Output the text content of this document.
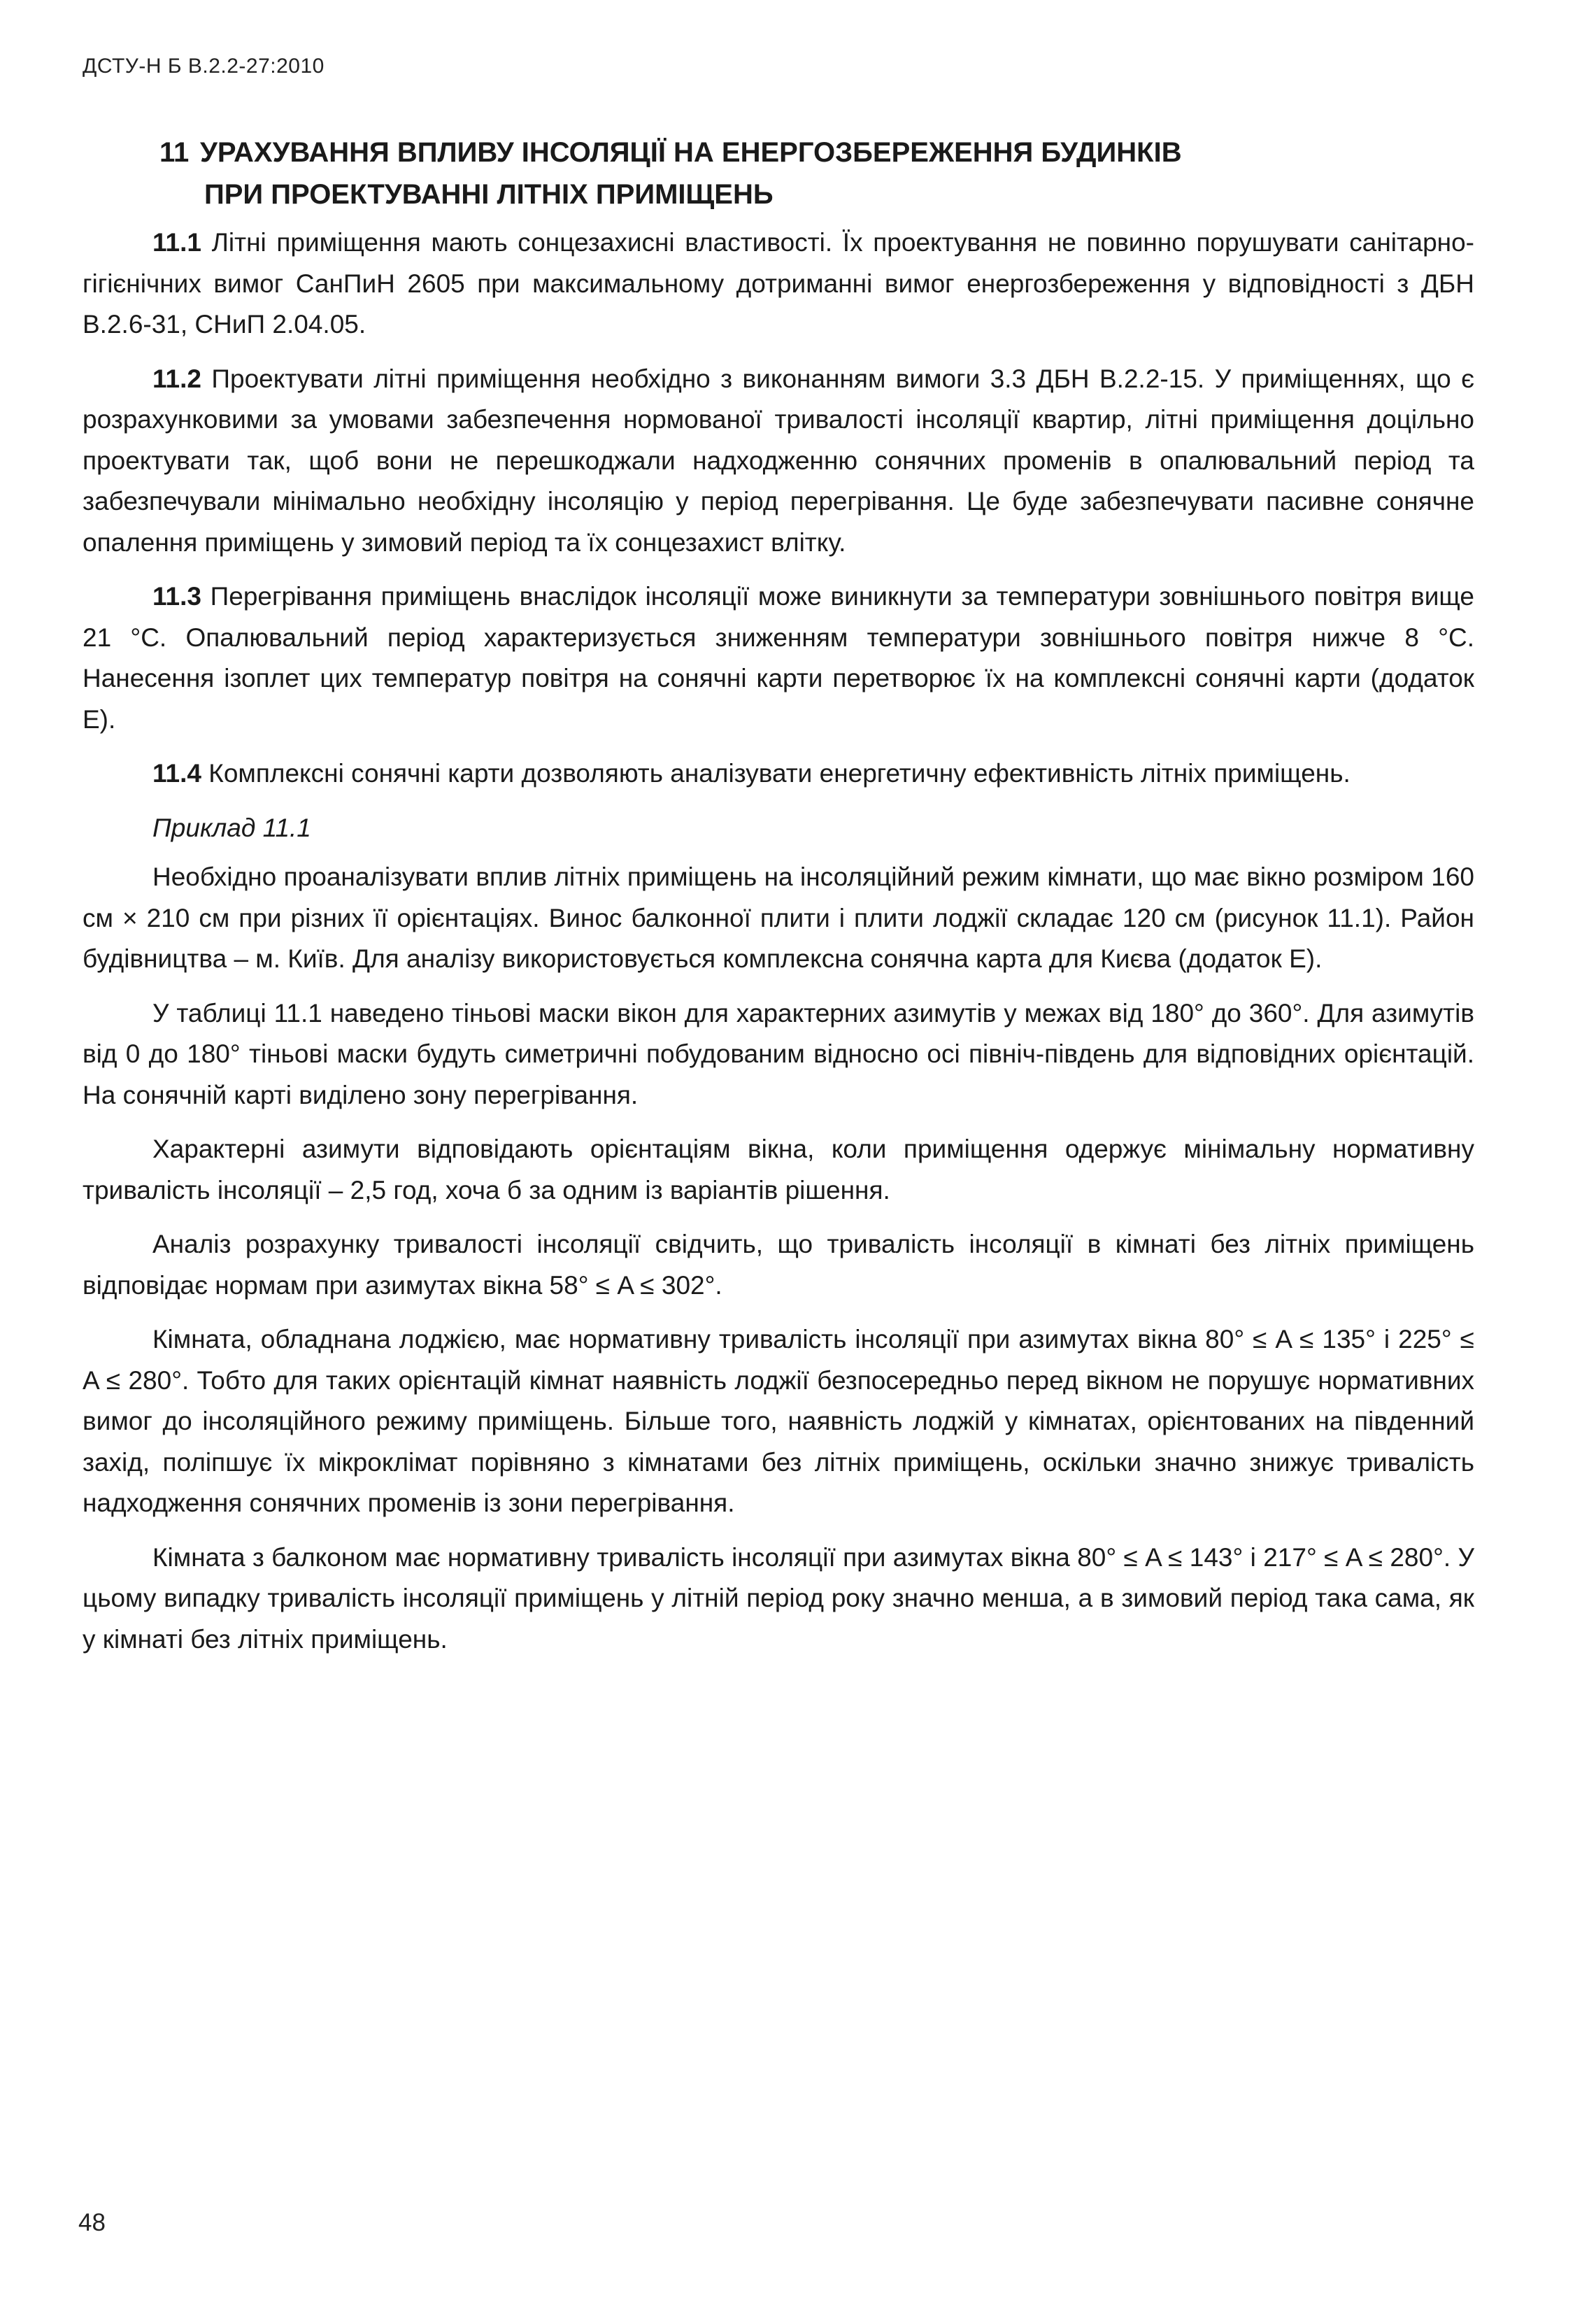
ДСТУ-Н Б В.2.2-27:2010
11 УРАХУВАННЯ ВПЛИВУ ІНСОЛЯЦІЇ НА ЕНЕРГОЗБЕРЕЖЕННЯ БУДИНКІВ
ПРИ ПРОЕКТУВАННІ ЛІТНІХ ПРИМІЩЕНЬ

11.1 Літні приміщення мають сонцезахисні властивості. Їх проектування не повинно порушувати санітарно-гігієнічних вимог СанПиН 2605 при максимальному дотриманні вимог енергозбереження у відповідності з ДБН В.2.6-31, СНиП 2.04.05.

11.2 Проектувати літні приміщення необхідно з виконанням вимоги 3.3 ДБН В.2.2-15. У приміщеннях, що є розрахунковими за умовами забезпечення нормованої тривалості інсоляції квартир, літні приміщення доцільно проектувати так, щоб вони не перешкоджали надходженню сонячних променів в опалювальний період та забезпечували мінімально необхідну інсоляцію у період перегрівання. Це буде забезпечувати пасивне сонячне опалення приміщень у зимовий період та їх сонцезахист влітку.

11.3 Перегрівання приміщень внаслідок інсоляції може виникнути за температури зовнішнього повітря вище 21 °С. Опалювальний період характеризується зниженням температури зовнішнього повітря нижче 8 °С. Нанесення ізоплет цих температур повітря на сонячні карти перетворює їх на комплексні сонячні карти (додаток Е).

11.4 Комплексні сонячні карти дозволяють аналізувати енергетичну ефективність літніх приміщень.

Приклад 11.1

Необхідно проаналізувати вплив літніх приміщень на інсоляційний режим кімнати, що має вікно розміром 160 см × 210 см при різних її орієнтаціях. Винос балконної плити і плити лоджії складає 120 см (рисунок 11.1). Район будівництва – м. Київ. Для аналізу використовується комплексна сонячна карта для Києва (додаток Е).

У таблиці 11.1 наведено тіньові маски вікон для характерних азимутів у межах від 180° до 360°. Для азимутів від 0 до 180° тіньові маски будуть симетричні побудованим відносно осі північ-південь для відповідних орієнтацій. На сонячній карті виділено зону перегрівання.

Характерні азимути відповідають орієнтаціям вікна, коли приміщення одержує мінімальну нормативну тривалість інсоляції – 2,5 год, хоча б за одним із варіантів рішення.

Аналіз розрахунку тривалості інсоляції свідчить, що тривалість інсоляції в кімнаті без літніх приміщень відповідає нормам при азимутах вікна 58° ≤ A ≤ 302°.

Кімната, обладнана лоджією, має нормативну тривалість інсоляції при азимутах вікна 80° ≤ A ≤ 135° і 225° ≤ A ≤ 280°. Тобто для таких орієнтацій кімнат наявність лоджії безпосередньо перед вікном не порушує нормативних вимог до інсоляційного режиму приміщень. Більше того, наявність лоджій у кімнатах, орієнтованих на південний захід, поліпшує їх мікроклімат порівняно з кімнатами без літніх приміщень, оскільки значно знижує тривалість надходження сонячних променів із зони перегрівання.

Кімната з балконом має нормативну тривалість інсоляції при азимутах вікна 80° ≤ A ≤ 143° і 217° ≤ A ≤ 280°. У цьому випадку тривалість інсоляції приміщень у літній період року значно менша, а в зимовий період така сама, як у кімнаті без літніх приміщень.

48
